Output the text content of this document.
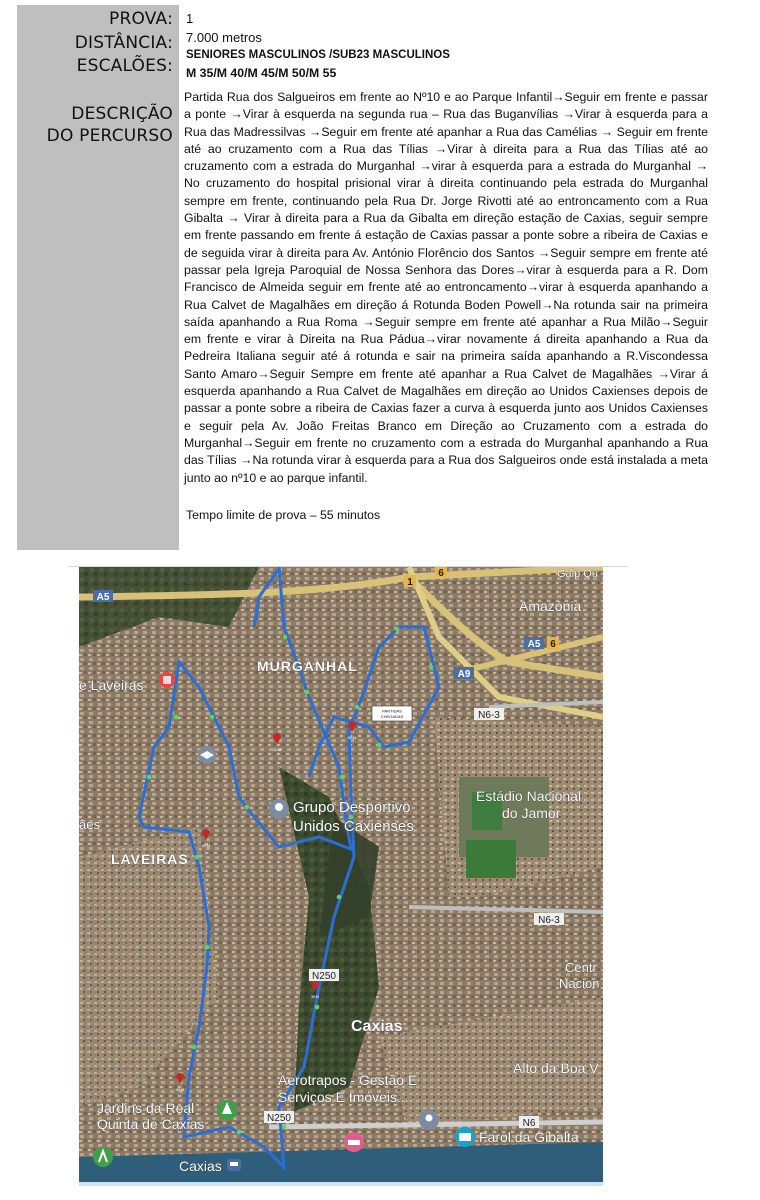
PROVA:
DISTÂNCIA:
ESCALÕES:
DESCRIÇÃO
DO PERCURSO
1
7.000 metros
SENIORES MASCULINOS /SUB23 MASCULINOS
M 35/M 40/M 45/M 50/M 55
Partida Rua dos Salgueiros em frente ao Nº10 e ao Parque Infantil→Seguir em frente e passar a ponte →Virar à esquerda na segunda rua – Rua das Buganvílias →Virar à esquerda para a Rua das Madressilvas →Seguir em frente até apanhar a Rua das Camélias → Seguir em frente até ao cruzamento com a Rua das Tílias →Virar à direita para a Rua das Tílias até ao cruzamento com a estrada do Murganhal →virar à esquerda para a estrada do Murganhal → No cruzamento do hospital prisional virar à direita continuando pela estrada do Murganhal sempre em frente, continuando pela Rua Dr. Jorge Rivotti até ao entroncamento com a Rua Gibalta → Virar à direita para a Rua da Gibalta em direção estação de Caxias, seguir sempre em frente passando em frente á estação de Caxias passar a ponte sobre a ribeira de Caxias e de seguida virar à direita para Av. António Florêncio dos Santos →Seguir sempre em frente até passar pela Igreja Paroquial de Nossa Senhora das Dores→virar à esquerda para a R. Dom Francisco de Almeida seguir em frente até ao entroncamento→virar à esquerda apanhando a Rua Calvet de Magalhães em direção á Rotunda Boden Powell→Na rotunda sair na primeira saída apanhando a Rua Roma →Seguir sempre em frente até apanhar a Rua Milão→Seguir em frente e virar à Direita na Rua Pádua→virar novamente á direita apanhando a Rua da Pedreira Italiana seguir até á rotunda e sair na primeira saída apanhando a R.Viscondessa Santo Amaro→Seguir Sempre em frente até apanhar a Rua Calvet de Magalhães →Virar á esquerda apanhando a Rua Calvet de Magalhães em direção ao Unidos Caxienses depois de passar a ponte sobre a ribeira de Caxias fazer a curva à esquerda junto aos Unidos Caxienses e seguir pela Av. João Freitas Branco em Direção ao Cruzamento com a estrada do Murganhal→Seguir em frente no cruzamento com a estrada do Murganhal apanhando a Rua das Tílias →Na rotunda virar à esquerda para a Rua dos Salgueiros onde está instalada a meta junto ao nº10 e ao parque infantil.
Tempo limite de prova – 55 minutos
1KM
2KM
3KM
4KM
5KM
PARTIDAS
CHEGADAS
A5
A5
A9
1
6
6
N6-3
N6-3
N250
N250	N6
MURGANHAL
e Laveiras
LAVEIRAS
ães
Amazónia
Galp Qu
Grupo Desportivo
Unidos Caxienses
Estádio Nacional
do Jamor
Centr
Nacion
Caxias
Alto da Boa V
Aerotrapos - Gestão E
Serviços E Imóveis...
Jardins da Real
Quinta de Caxias
Farol da Gibalta
Caxias
